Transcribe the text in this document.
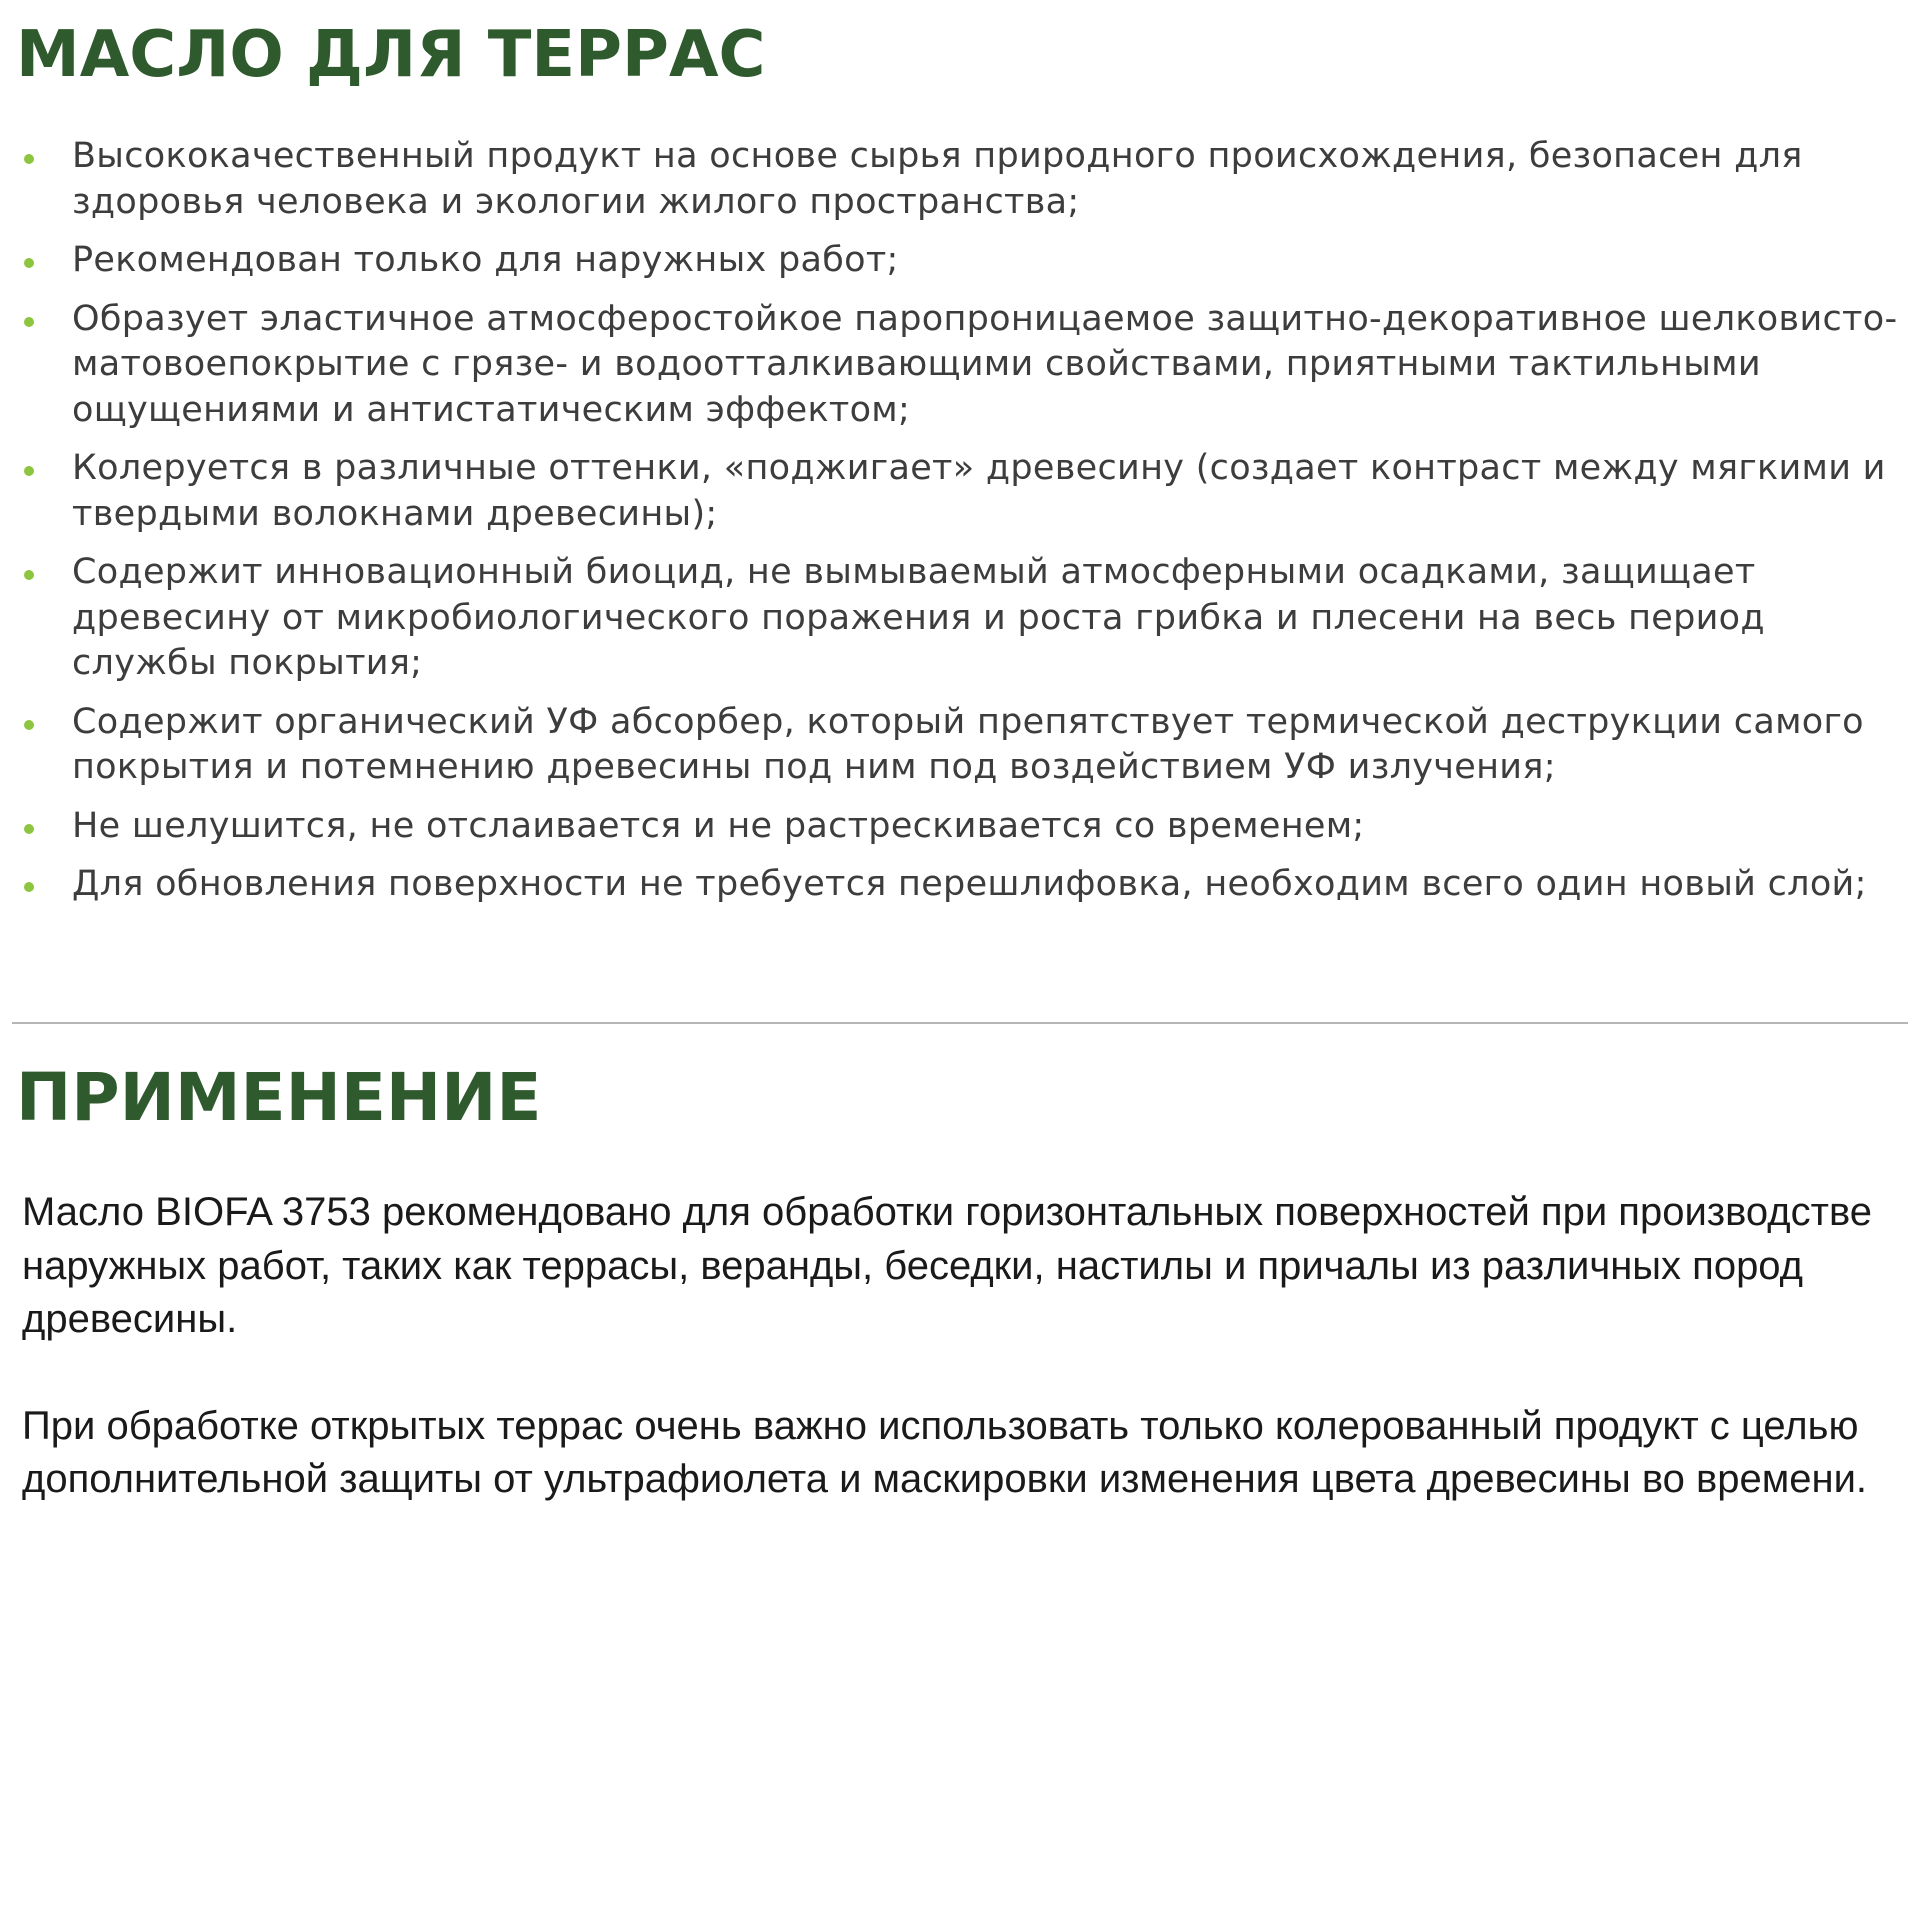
МАСЛО ДЛЯ ТЕРРАС
Высококачественный продукт на основе сырья природного происхождения, безопасен для здоровья человека и экологии жилого пространства;
Рекомендован только для наружных работ;
Образует эластичное атмосферостойкое паропроницаемое защитно-декоративное шелковисто-матовоепокрытие с грязе- и водоотталкивающими свойствами, приятными тактильными ощущениями и антистатическим эффектом;
Колеруется в различные оттенки, «поджигает» древесину (создает контраст между мягкими и твердыми волокнами древесины);
Содержит инновационный биоцид, не вымываемый атмосферными осадками, защищает древесину от микробиологического поражения и роста грибка и плесени на весь период службы покрытия;
Содержит органический УФ абсорбер, который препятствует термической деструкции самого покрытия и потемнению древесины под ним под воздействием УФ излучения;
Не шелушится, не отслаивается и не растрескивается со временем;
Для обновления поверхности не требуется перешлифовка, необходим всего один новый слой;
ПРИМЕНЕНИЕ

Масло BIOFA 3753 рекомендовано для обработки горизонтальных поверхностей при производстве наружных работ, таких как террасы, веранды, беседки, настилы и причалы из различных пород древесины.

При обработке открытых террас очень важно использовать только колерованный продукт с целью дополнительной защиты от ультрафиолета и маскировки изменения цвета древесины во времени.
